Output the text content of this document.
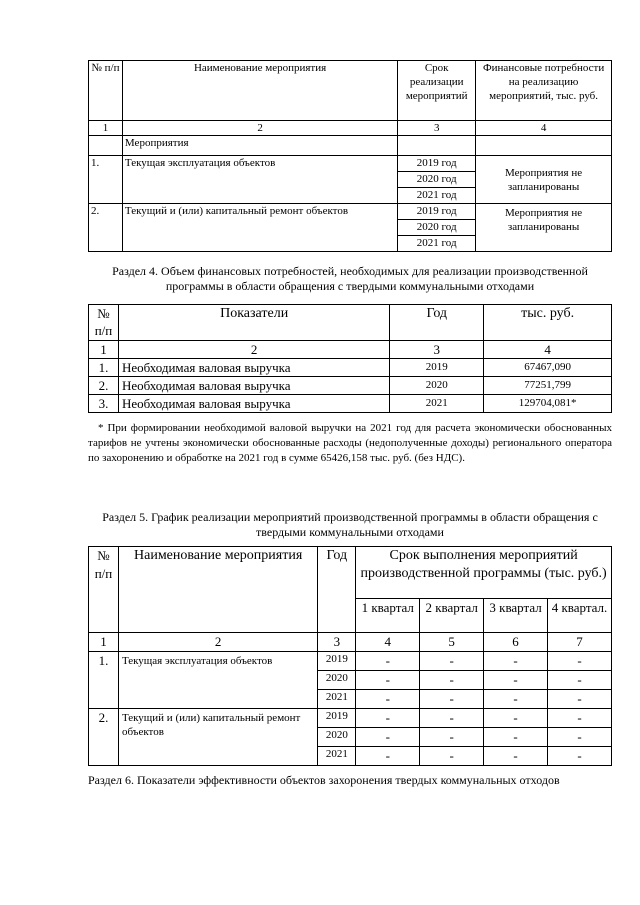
№ п/п	Наименование мероприятия	Срок реализации мероприятий	Финансовые потребности на реализацию мероприятий, тыс. руб.
1	2	3	4
	Мероприятия		
1.	Текущая эксплуатация объектов	2019 год
2020 год
2021 год	Мероприятия не запланированы
2.	Текущий и (или) капитальный ремонт объектов	2019 год
2020 год
2021 год	Мероприятия не запланированы
Раздел 4. Объем финансовых потребностей, необходимых для реализации производственной программы в области обращения с твердыми коммунальными отходами
№ п/п	Показатели	Год	тыс. руб.
1	2	3	4
1.	Необходимая валовая выручка	2019	67467,090
2.	Необходимая валовая выручка	2020	77251,799
3.	Необходимая валовая выручка	2021	129704,081*
* При формировании необходимой валовой выручки на 2021 год для расчета экономически обоснованных тарифов не учтены экономически обоснованные расходы (недополученные доходы) регионального оператора по захоронению и обработке на 2021 год в сумме 65426,158 тыс. руб. (без НДС).
Раздел 5. График реализации мероприятий производственной программы в области обращения с твердыми коммунальными отходами
№ п/п	Наименование мероприятия	Год	Срок выполнения мероприятий производственной программы (тыс. руб.)			
			1 квартал	2 квартал	3 квартал	4 квартал.
1	2	3	4	5	6	7
1.	Текущая эксплуатация объектов	2019	-	-	-	-
		2020	-	-	-	-
		2021	-	-	-	-
2.	Текущий и (или) капитальный ремонт объектов	2019	-	-	-	-
		2020	-	-	-	-
		2021	-	-	-	-
Раздел 6. Показатели эффективности объектов захоронения твердых коммунальных отходов
